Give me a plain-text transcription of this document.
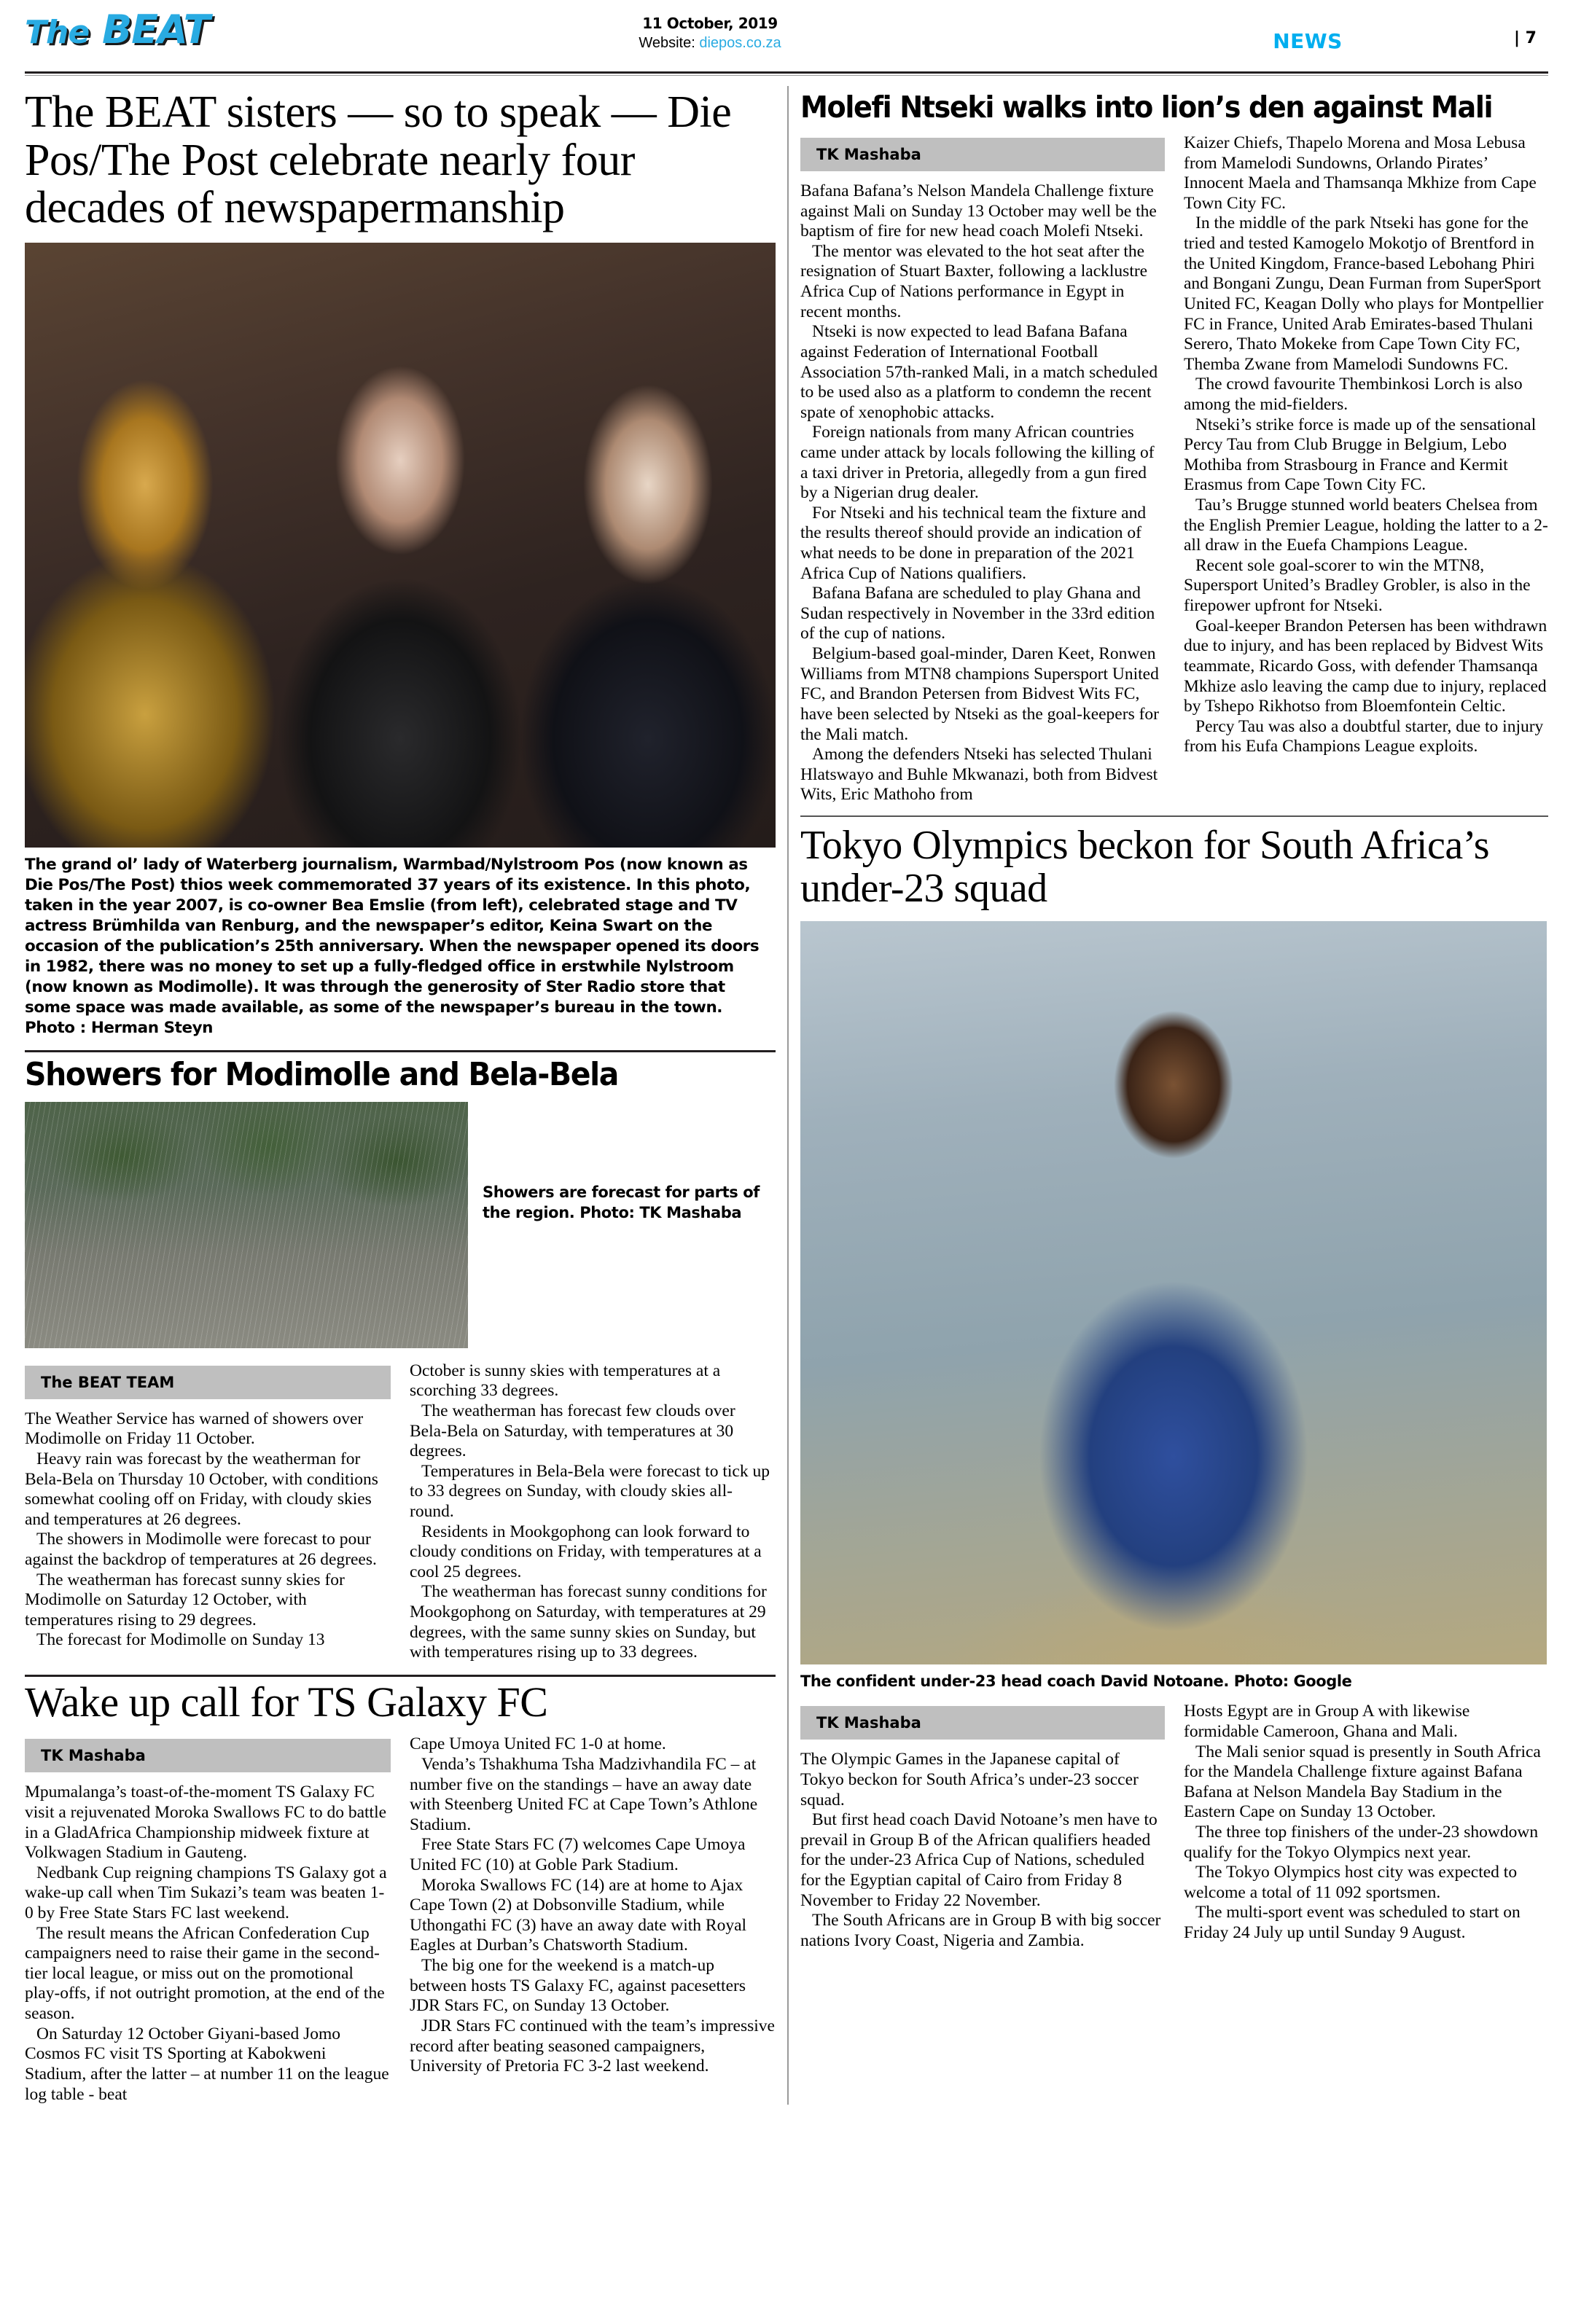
The BEAT	11 October, 2019
Website: diepos.co.za	NEWS	| 7
The BEAT sisters — so to speak — Die Pos/The Post celebrate nearly four decades of newspapermanship
The grand ol’ lady of Waterberg journalism, Warmbad/Nylstroom Pos (now known as Die Pos/The Post) thios week commemorated 37 years of its existence. In this photo, taken in the year 2007, is co-owner Bea Emslie (from left), celebrated stage and TV actress Brümhilda van Renburg, and the newspaper’s editor, Keina Swart on the occasion of the publication’s 25th anniversary. When the newspaper opened its doors in 1982, there was no money to set up a fully-fledged office in erstwhile Nylstroom (now known as Modimolle). It was through the generosity of Ster Radio store that some space was made available, as some of the newspaper’s bureau in the town. Photo : Herman Steyn
Showers for Modimolle and Bela-Bela
Showers are forecast for parts of the region. Photo: TK Mashaba
The BEAT TEAM

The Weather Service has warned of showers over Modimolle on Friday 11 October.

Heavy rain was forecast by the weatherman for Bela-Bela on Thursday 10 October, with conditions somewhat cooling off on Friday, with cloudy skies and temperatures at 26 degrees.

The showers in Modimolle were forecast to pour against the backdrop of temperatures at 26 degrees.

The weatherman has forecast sunny skies for Modimolle on Saturday 12 October, with temperatures rising to 29 degrees.

The forecast for Modimolle on Sunday 13

October is sunny skies with temperatures at a scorching 33 degrees.

The weatherman has forecast few clouds over Bela-Bela on Saturday, with temperatures at 30 degrees.

Temperatures in Bela-Bela were forecast to tick up to 33 degrees on Sunday, with cloudy skies all-round.

Residents in Mookgophong can look forward to cloudy conditions on Friday, with temperatures at a cool 25 degrees.

The weatherman has forecast sunny conditions for Mookgophong on Saturday, with temperatures at 29 degrees, with the same sunny skies on Sunday, but with temperatures rising up to 33 degrees.

Wake up call for TS Galaxy FC
TK Mashaba

Mpumalanga’s toast-of-the-moment TS Galaxy FC visit a rejuvenated Moroka Swallows FC to do battle in a GladAfrica Championship midweek fixture at Volkwagen Stadium in Gauteng.

Nedbank Cup reigning champions TS Galaxy got a wake-up call when Tim Sukazi’s team was beaten 1-0 by Free State Stars FC last weekend.

The result means the African Confederation Cup campaigners need to raise their game in the second-tier local league, or miss out on the promotional play-offs, if not outright promotion, at the end of the season.

On Saturday 12 October Giyani-based Jomo Cosmos FC visit TS Sporting at Kabokweni Stadium, after the latter – at number 11 on the league log table - beat

Cape Umoya United FC 1-0 at home.

Venda’s Tshakhuma Tsha Madzivhandila FC – at number five on the standings – have an away date with Steenberg United FC at Cape Town’s Athlone Stadium.

Free State Stars FC (7) welcomes Cape Umoya United FC (10) at Goble Park Stadium.

Moroka Swallows FC (14) are at home to Ajax Cape Town (2) at Dobsonville Stadium, while Uthongathi FC (3) have an away date with Royal Eagles at Durban’s Chatsworth Stadium.

The big one for the weekend is a match-up between hosts TS Galaxy FC, against pacesetters JDR Stars FC, on Sunday 13 October.

JDR Stars FC continued with the team’s impressive record after beating seasoned campaigners, University of Pretoria FC 3-2 last weekend.

Molefi Ntseki walks into lion’s den against Mali
TK Mashaba

Bafana Bafana’s Nelson Mandela Challenge fixture against Mali on Sunday 13 October may well be the baptism of fire for new head coach Molefi Ntseki.

The mentor was elevated to the hot seat after the resignation of Stuart Baxter, following a lacklustre Africa Cup of Nations performance in Egypt in recent months.

Ntseki is now expected to lead Bafana Bafana against Federation of International Football Association 57th-ranked Mali, in a match scheduled to be used also as a platform to condemn the recent spate of xenophobic attacks.

Foreign nationals from many African countries came under attack by locals following the killing of a taxi driver in Pretoria, allegedly from a gun fired by a Nigerian drug dealer.

For Ntseki and his technical team the fixture and the results thereof should provide an indication of what needs to be done in preparation of the 2021 Africa Cup of Nations qualifiers.

Bafana Bafana are scheduled to play Ghana and Sudan respectively in November in the 33rd edition of the cup of nations.

Belgium-based goal-minder, Daren Keet, Ronwen Williams from MTN8 champions Supersport United FC, and Brandon Petersen from Bidvest Wits FC, have been selected by Ntseki as the goal-keepers for the Mali match.

Among the defenders Ntseki has selected Thulani Hlatswayo and Buhle Mkwanazi, both from Bidvest Wits, Eric Mathoho from

Kaizer Chiefs, Thapelo Morena and Mosa Lebusa from Mamelodi Sundowns, Orlando Pirates’ Innocent Maela and Thamsanqa Mkhize from Cape Town City FC.

In the middle of the park Ntseki has gone for the tried and tested Kamogelo Mokotjo of Brentford in the United Kingdom, France-based Lebohang Phiri and Bongani Zungu, Dean Furman from SuperSport United FC, Keagan Dolly who plays for Montpellier FC in France, United Arab Emirates-based Thulani Serero, Thato Mokeke from Cape Town City FC, Themba Zwane from Mamelodi Sundowns FC.

The crowd favourite Thembinkosi Lorch is also among the mid-fielders.

Ntseki’s strike force is made up of the sensational Percy Tau from Club Brugge in Belgium, Lebo Mothiba from Strasbourg in France and Kermit Erasmus from Cape Town City FC.

Tau’s Brugge stunned world beaters Chelsea from the English Premier League, holding the latter to a 2-all draw in the Euefa Champions League.

Recent sole goal-scorer to win the MTN8, Supersport United’s Bradley Grobler, is also in the firepower upfront for Ntseki.

Goal-keeper Brandon Petersen has been withdrawn due to injury, and has been replaced by Bidvest Wits teammate, Ricardo Goss, with defender Thamsanqa Mkhize aslo leaving the camp due to injury, replaced by Tshepo Rikhotso from Bloemfontein Celtic.

Percy Tau was also a doubtful starter, due to injury from his Eufa Champions League exploits.

Tokyo Olympics beckon for South Africa’s under-23 squad
The confident under-23 head coach David Notoane. Photo: Google
TK Mashaba

The Olympic Games in the Japanese capital of Tokyo beckon for South Africa’s under-23 soccer squad.

But first head coach David Notoane’s men have to prevail in Group B of the African qualifiers headed for the under-23 Africa Cup of Nations, scheduled for the Egyptian capital of Cairo from Friday 8 November to Friday 22 November.

The South Africans are in Group B with big soccer nations Ivory Coast, Nigeria and Zambia.

Hosts Egypt are in Group A with likewise formidable Cameroon, Ghana and Mali.

The Mali senior squad is presently in South Africa for the Mandela Challenge fixture against Bafana Bafana at Nelson Mandela Bay Stadium in the Eastern Cape on Sunday 13 October.

The three top finishers of the under-23 showdown qualify for the Tokyo Olympics next year.

The Tokyo Olympics host city was expected to welcome a total of 11 092 sportsmen.

The multi-sport event was scheduled to start on Friday 24 July up until Sunday 9 August.
